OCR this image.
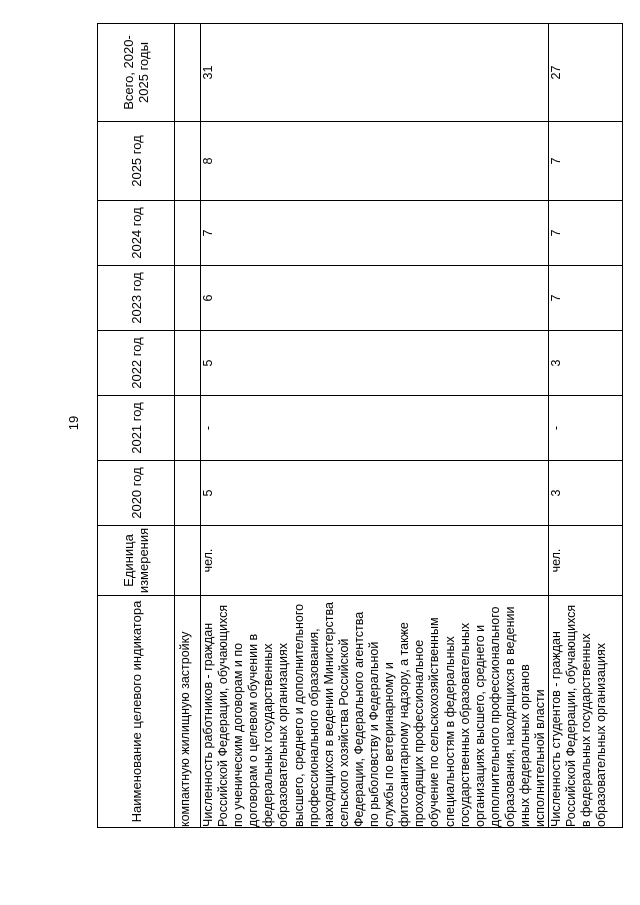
19
Наименование целевого индикатора	Единица измерения	2020 год	2021 год	2022 год	2023 год	2024 год	2025 год	Всего, 2020-2025 годы
компактную жилищную застройку								
Численность работников - граждан Российской Федерации, обучающихся по ученическим договорам и по договорам о целевом обучении в федеральных государственных образовательных организациях высшего, среднего и дополнительного профессионального образования, находящихся в ведении Министерства сельского хозяйства Российской Федерации, Федерального агентства по рыболовству и Федеральной службы по ветеринарному и фитосанитарному надзору, а также проходящих профессиональное обучение по сельскохозяйственным специальностям в федеральных государственных образовательных организациях высшего, среднего и дополнительного профессионального образования, находящихся в ведении иных федеральных органов исполнительной власти	чел.	5	-	5	6	7	8	31
Численность студентов - граждан Российской Федерации, обучающихся в федеральных государственных образовательных организациях	чел.	3	-	3	7	7	7	27
